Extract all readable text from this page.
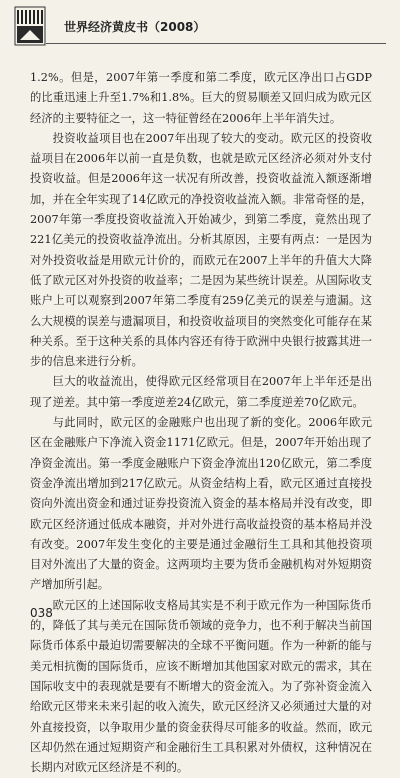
世界经济黄皮书（2008）

1.2%。但是，2007年第一季度和第二季度，欧元区净出口占GDP的比重迅速上升至1.7%和1.8%。巨大的贸易顺差又回归成为欧元区经济的主要特征之一，这一特征曾经在2006年上半年消失过。

投资收益项目也在2007年出现了较大的变动。欧元区的投资收益项目在2006年以前一直是负数，也就是欧元区经济必须对外支付投资收益。但是2006年这一状况有所改善，投资收益流入额逐渐增加，并在全年实现了14亿欧元的净投资收益流入额。非常奇怪的是，2007年第一季度投资收益流入开始减少，到第二季度，竟然出现了221亿美元的投资收益净流出。分析其原因，主要有两点：一是因为对外投资收益是用欧元计价的，而欧元在2007上半年的升值大大降低了欧元区对外投资的收益率；二是因为某些统计误差。从国际收支账户上可以观察到2007年第二季度有259亿美元的误差与遗漏。这么大规模的误差与遗漏项目，和投资收益项目的突然变化可能存在某种关系。至于这种关系的具体内容还有待于欧洲中央银行披露其进一步的信息来进行分析。

巨大的收益流出，使得欧元区经常项目在2007年上半年还是出现了逆差。其中第一季度逆差24亿欧元，第二季度逆差70亿欧元。

与此同时，欧元区的金融账户也出现了新的变化。2006年欧元区在金融账户下净流入资金1171亿欧元。但是，2007年开始出现了净资金流出。第一季度金融账户下资金净流出120亿欧元，第二季度资金净流出增加到217亿欧元。从资金结构上看，欧元区通过直接投资向外流出资金和通过证券投资流入资金的基本格局并没有改变，即欧元区经济通过低成本融资，并对外进行高收益投资的基本格局并没有改变。2007年发生变化的主要是通过金融衍生工具和其他投资项目对外流出了大量的资金。这两项均主要为货币金融机构对外短期资产增加所引起。

欧元区的上述国际收支格局其实是不利于欧元作为一种国际货币的，降低了其与美元在国际货币领域的竞争力，也不利于解决当前国际货币体系中最迫切需要解决的全球不平衡问题。作为一种新的能与美元相抗衡的国际货币，应该不断增加其他国家对欧元的需求，其在国际收支中的表现就是要有不断增大的资金流入。为了弥补资金流入给欧元区带来未来引起的收入流失，欧元区经济又必须通过大量的对外直接投资，以争取用少量的资金获得尽可能多的收益。然而，欧元区却仍然在通过短期资产和金融衍生工具积累对外债权，这种情况在长期内对欧元区经济是不利的。

038
